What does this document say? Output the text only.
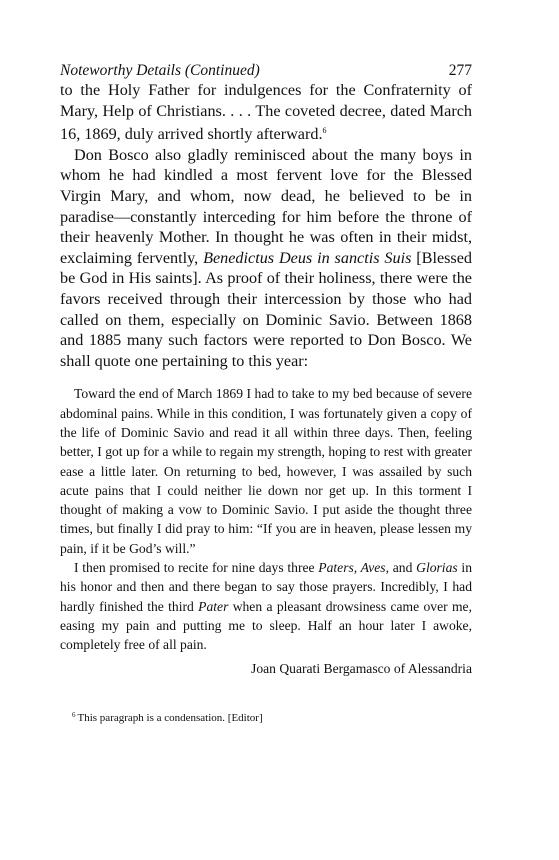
Noteworthy Details (Continued)	277

to the Holy Father for indulgences for the Confraternity of Mary, Help of Christians. . . . The coveted decree, dated March 16, 1869, duly arrived shortly afterward.$^6$

Don Bosco also gladly reminisced about the many boys in whom he had kindled a most fervent love for the Blessed Virgin Mary, and whom, now dead, he believed to be in paradise—constantly interceding for him before the throne of their heavenly Mother. In thought he was often in their midst, exclaiming fervently, Benedictus Deus in sanctis Suis [Blessed be God in His saints]. As proof of their holiness, there were the favors received through their intercession by those who had called on them, especially on Dominic Savio. Between 1868 and 1885 many such factors were reported to Don Bosco. We shall quote one pertaining to this year:

Toward the end of March 1869 I had to take to my bed because of severe abdominal pains. While in this condition, I was fortunately given a copy of the life of Dominic Savio and read it all within three days. Then, feeling better, I got up for a while to regain my strength, hoping to rest with greater ease a little later. On returning to bed, however, I was assailed by such acute pains that I could neither lie down nor get up. In this torment I thought of making a vow to Dominic Savio. I put aside the thought three times, but finally I did pray to him: “If you are in heaven, please lessen my pain, if it be God’s will.”

I then promised to recite for nine days three Paters, Aves, and Glorias in his honor and then and there began to say those prayers. Incredibly, I had hardly finished the third Pater when a pleasant drowsiness came over me, easing my pain and putting me to sleep. Half an hour later I awoke, completely free of all pain.

Joan Quarati Bergamasco of Alessandria
$^6$ This paragraph is a condensation. [Editor]
